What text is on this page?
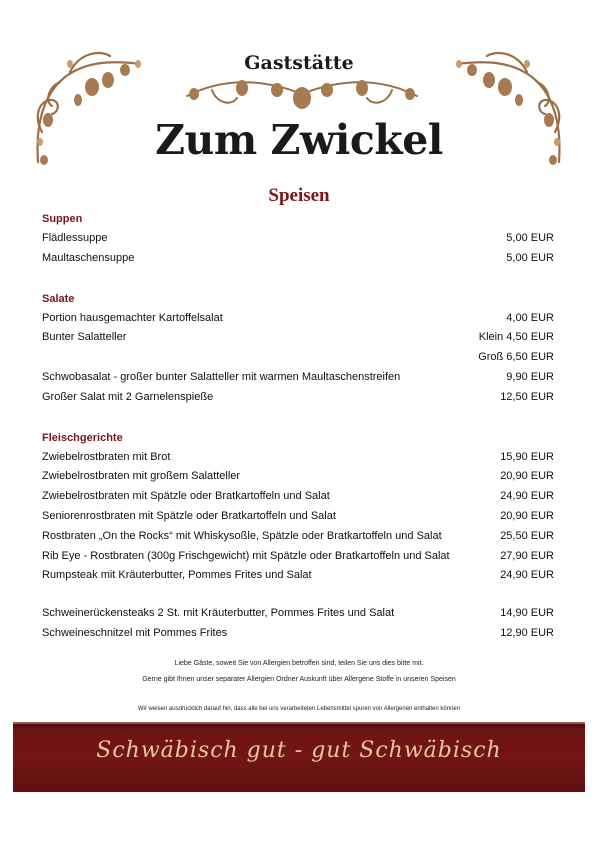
Gaststätte
Zum Zwickel
Speisen
Suppen
Flädlessuppe	5,00 EUR
Maultaschensuppe	5,00 EUR
Salate
Portion hausgemachter Kartoffelsalat	4,00 EUR
Bunter Salatteller	Klein 4,50 EUR
Groß 6,50 EUR
Schwobasalat - großer bunter Salatteller mit warmen Maultaschenstreifen	9,90 EUR
Großer Salat mit 2 Garnelenspieße	12,50 EUR
Fleischgerichte
Zwiebelrostbraten mit Brot	15,90 EUR
Zwiebelrostbraten mit großem Salatteller	20,90 EUR
Zwiebelrostbraten mit Spätzle oder Bratkartoffeln und Salat	24,90 EUR
Seniorenrostbraten mit Spätzle oder Bratkartoffeln und Salat	20,90 EUR
Rostbraten „On the Rocks“ mit Whiskysoßle, Spätzle oder Bratkartoffeln und Salat	25,50 EUR
Rib Eye - Rostbraten (300g Frischgewicht) mit Spätzle oder Bratkartoffeln und Salat	27,90 EUR
Rumpsteak mit Kräuterbutter, Pommes Frites und Salat	24,90 EUR
Schweinerückensteaks 2 St. mit Kräuterbutter, Pommes Frites und Salat	14,90 EUR
Schweineschnitzel mit Pommes Frites	12,90 EUR
Liebe Gäste, soweit Sie von Allergien betroffen sind, teilen Sie uns dies bitte mit.
Gerne gibt Ihnen unser separater Allergien Ordner Auskunft über Allergene Stoffe in unseren Speisen
Wir weisen ausdrücklich darauf hin, dass alle bei uns verarbeiteten Lebensmittel spuren von Allergenen enthalten können
Schwäbisch gut - gut Schwäbisch
